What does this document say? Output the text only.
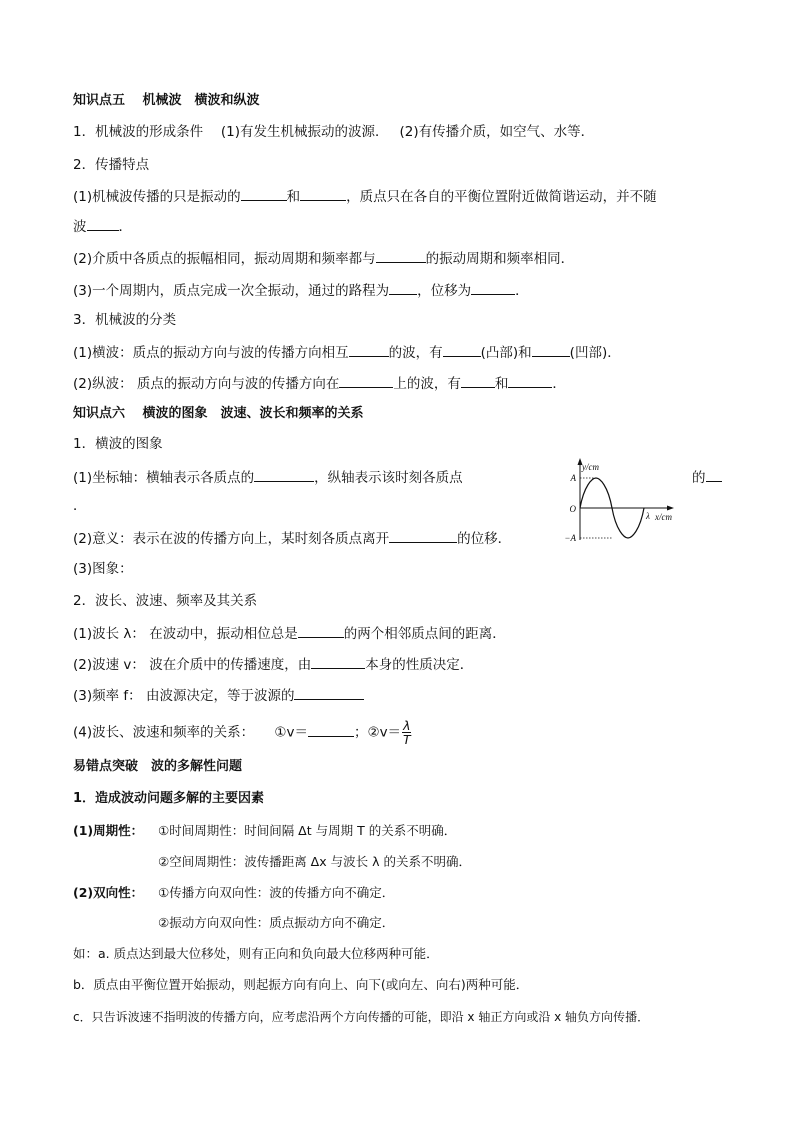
知识点五　 机械波　横波和纵波
1．机械波的形成条件　 (1)有发生机械振动的波源．　 (2)有传播介质，如空气、水等．
2．传播特点
(1)机械波传播的只是振动的	和	，质点只在各自的平衡位置附近做简谐运动，并不随
波 ．
(2)介质中各质点的振幅相同，振动周期和频率都与	的振动周期和频率相同．
(3)一个周期内，质点完成一次全振动，通过的路程为 ，位移为	．
3．机械波的分类
(1)横波：质点的振动方向与波的传播方向相互	的波，有	(凸部)和	(凹部)．
(2)纵波： 质点的振动方向与波的传播方向在	上的波，有	和	．
知识点六　 横波的图象　波速、波长和频率的关系
1．横波的图象
(1)坐标轴：横轴表示各质点的	，纵轴表示该时刻各质点	的
．
(2)意义：表示在波的传播方向上，某时刻各质点离开	的位移．
(3)图象：
y/cm
x/cm
A
−A
O
λ
2．波长、波速、频率及其关系
(1)波长 λ： 在波动中，振动相位总是	的两个相邻质点间的距离．
(2)波速 v： 波在介质中的传播速度，由	本身的性质决定．
(3)频率 f： 由波源决定，等于波源的
(4)波长、波速和频率的关系：　　①v＝	；②v＝ $\frac{\lambda}{T}$
易错点突破　波的多解性问题
1．造成波动问题多解的主要因素
(1)周期性： ①时间周期性：时间间隔 Δt 与周期 T 的关系不明确．
②空间周期性：波传播距离 Δx 与波长 λ 的关系不明确．
(2)双向性： ①传播方向双向性：波的传播方向不确定．
②振动方向双向性：质点振动方向不确定．
如：a. 质点达到最大位移处，则有正向和负向最大位移两种可能．
b．质点由平衡位置开始振动，则起振方向有向上、向下(或向左、向右)两种可能．
c．只告诉波速不指明波的传播方向，应考虑沿两个方向传播的可能，即沿 x 轴正方向或沿 x 轴负方向传播．
